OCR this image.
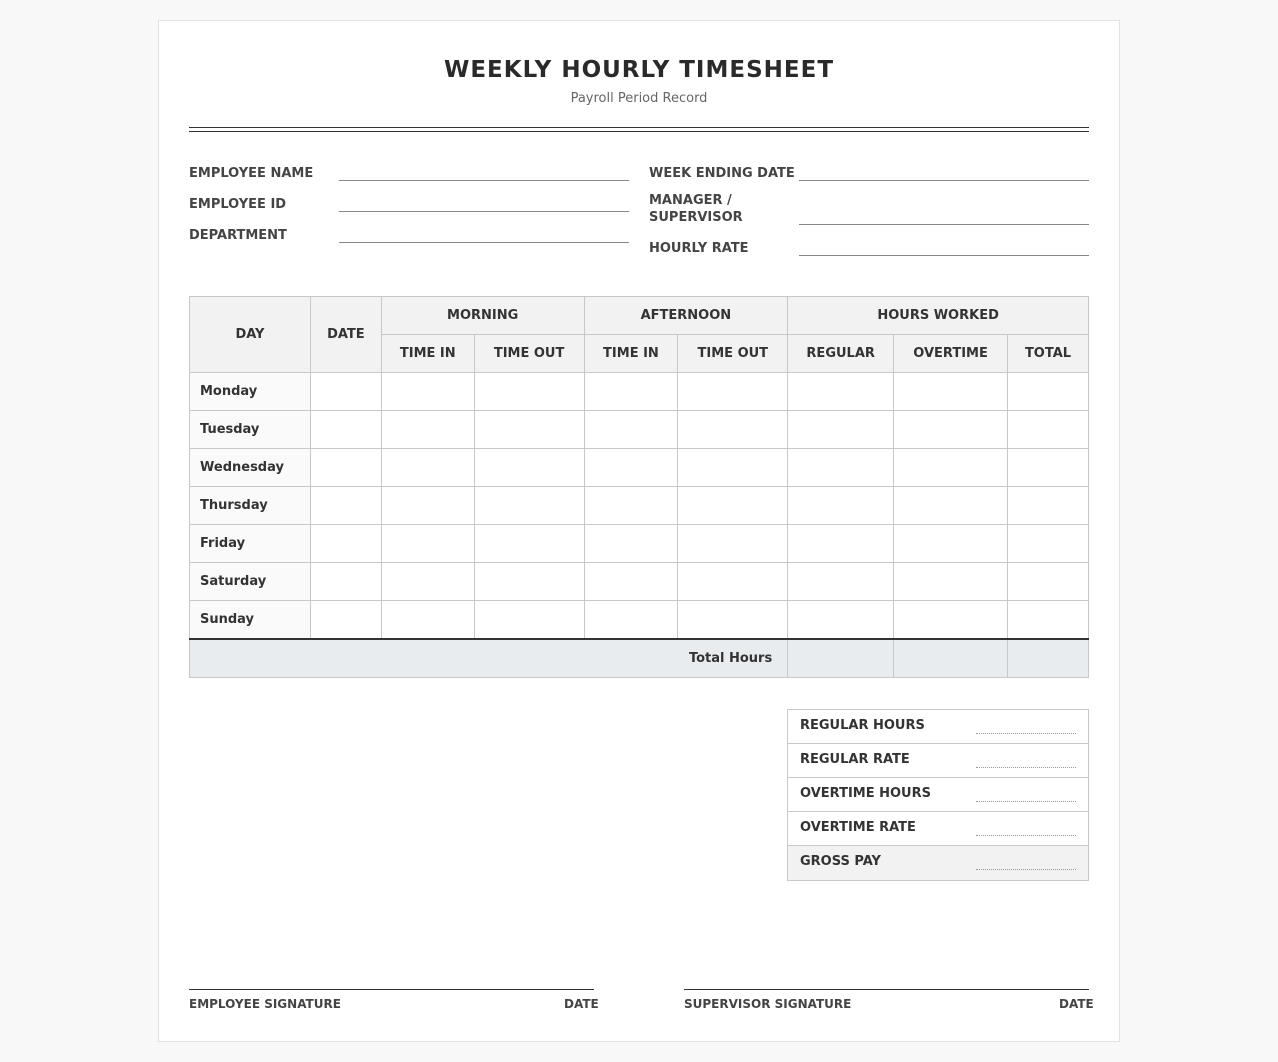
WEEKLY HOURLY TIMESHEET
Payroll Period Record
EMPLOYEE NAME
EMPLOYEE ID
DEPARTMENT
WEEK ENDING DATE
MANAGER /
SUPERVISOR
HOURLY RATE
DAY	DATE	MORNING		AFTERNOON		HOURS WORKED		
		TIME IN	TIME OUT	TIME IN	TIME OUT	REGULAR	OVERTIME	TOTAL
Monday								
Tuesday								
Wednesday								
Thursday								
Friday								
Saturday								
Sunday								
Total Hours								
REGULAR HOURS
REGULAR RATE
OVERTIME HOURS
OVERTIME RATE
GROSS PAY
EMPLOYEE SIGNATURE	DATE	SUPERVISOR SIGNATURE	DATE
